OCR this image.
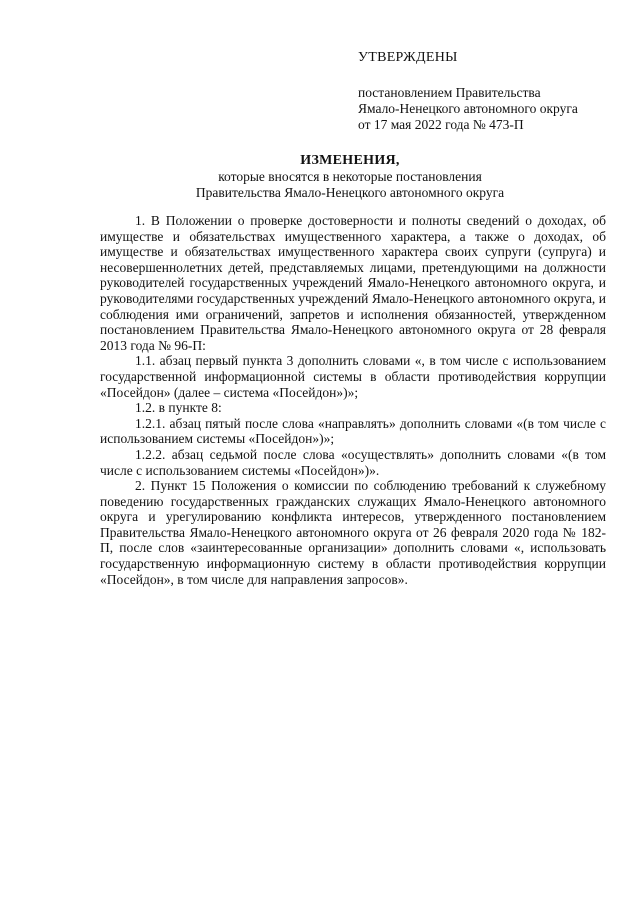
УТВЕРЖДЕНЫ
постановлением Правительства
Ямало-Ненецкого автономного округа
от 17 мая 2022 года № 473-П
ИЗМЕНЕНИЯ,
которые вносятся в некоторые постановления
Правительства Ямало-Ненецкого автономного округа

1. В Положении о проверке достоверности и полноты сведений о доходах, об имуществе и обязательствах имущественного характера, а также о доходах, об имуществе и обязательствах имущественного характера своих супруги (супруга) и несовершеннолетних детей, представляемых лицами, претендующими на должности руководителей государственных учреждений Ямало-Ненецкого автономного округа, и руководителями государственных учреждений Ямало-Ненецкого автономного округа, и соблюдения ими ограничений, запретов и исполнения обязанностей, утвержденном постановлением Правительства Ямало-Ненецкого автономного округа от 28 февраля 2013 года № 96-П:

1.1. абзац первый пункта 3 дополнить словами «, в том числе с использованием государственной информационной системы в области противодействия коррупции «Посейдон» (далее – система «Посейдон»)»;

1.2. в пункте 8:

1.2.1. абзац пятый после слова «направлять» дополнить словами «(в том числе с использованием системы «Посейдон»)»;

1.2.2. абзац седьмой после слова «осуществлять» дополнить словами «(в том числе с использованием системы «Посейдон»)».

2. Пункт 15 Положения о комиссии по соблюдению требований к служебному поведению государственных гражданских служащих Ямало-Ненецкого автономного округа и урегулированию конфликта интересов, утвержденного постановлением Правительства Ямало-Ненецкого автономного округа от 26 февраля 2020 года № 182-П, после слов «заинтересованные организации» дополнить словами «, использовать государственную информационную систему в области противодействия коррупции «Посейдон», в том числе для направления запросов».
